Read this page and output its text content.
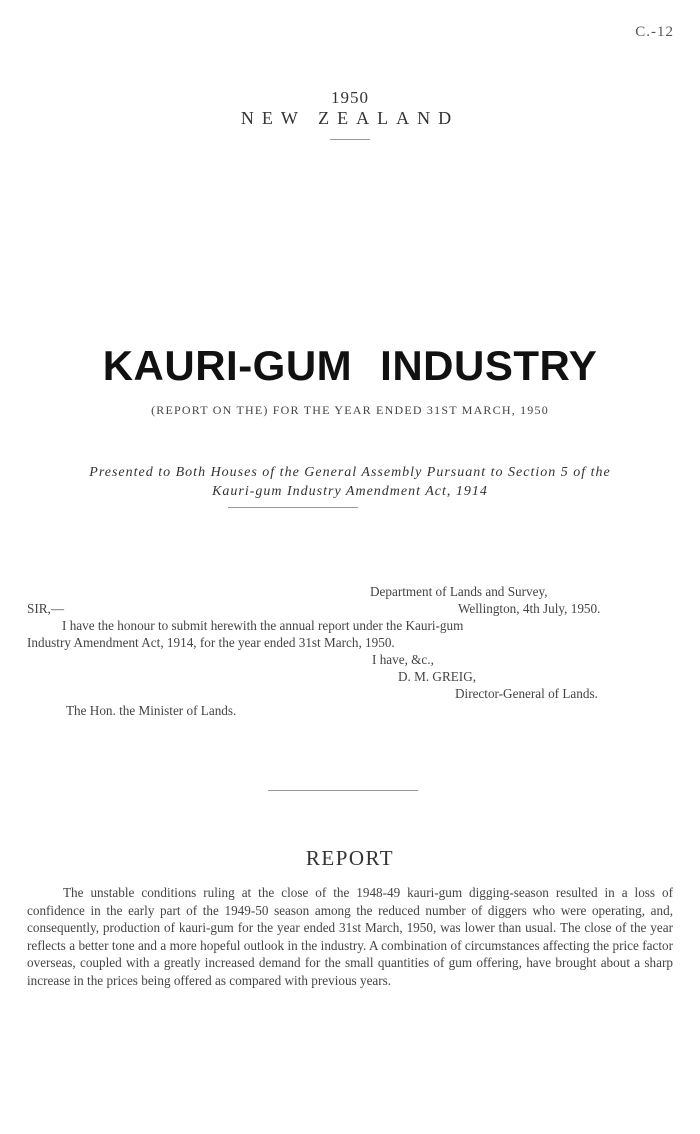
C.-12
1950
NEW ZEALAND
KAURI-GUM INDUSTRY
(REPORT ON THE) FOR THE YEAR ENDED 31ST MARCH, 1950
Presented to Both Houses of the General Assembly Pursuant to Section 5 of the
Kauri-gum Industry Amendment Act, 1914
Department of Lands and Survey,
SIR,—	Wellington, 4th July, 1950.
I have the honour to submit herewith the annual report under the Kauri-gum
Industry Amendment Act, 1914, for the year ended 31st March, 1950.
I have, &c.,
D. M. GREIG,
Director-General of Lands.
The Hon. the Minister of Lands.
REPORT

The unstable conditions ruling at the close of the 1948-49 kauri-gum digging-season resulted in a loss of confidence in the early part of the 1949-50 season among the reduced number of diggers who were operating, and, consequently, production of kauri-gum for the year ended 31st March, 1950, was lower than usual. The close of the year reflects a better tone and a more hopeful outlook in the industry. A combination of circumstances affecting the price factor overseas, coupled with a greatly increased demand for the small quantities of gum offering, have brought about a sharp increase in the prices being offered as compared with previous years.
